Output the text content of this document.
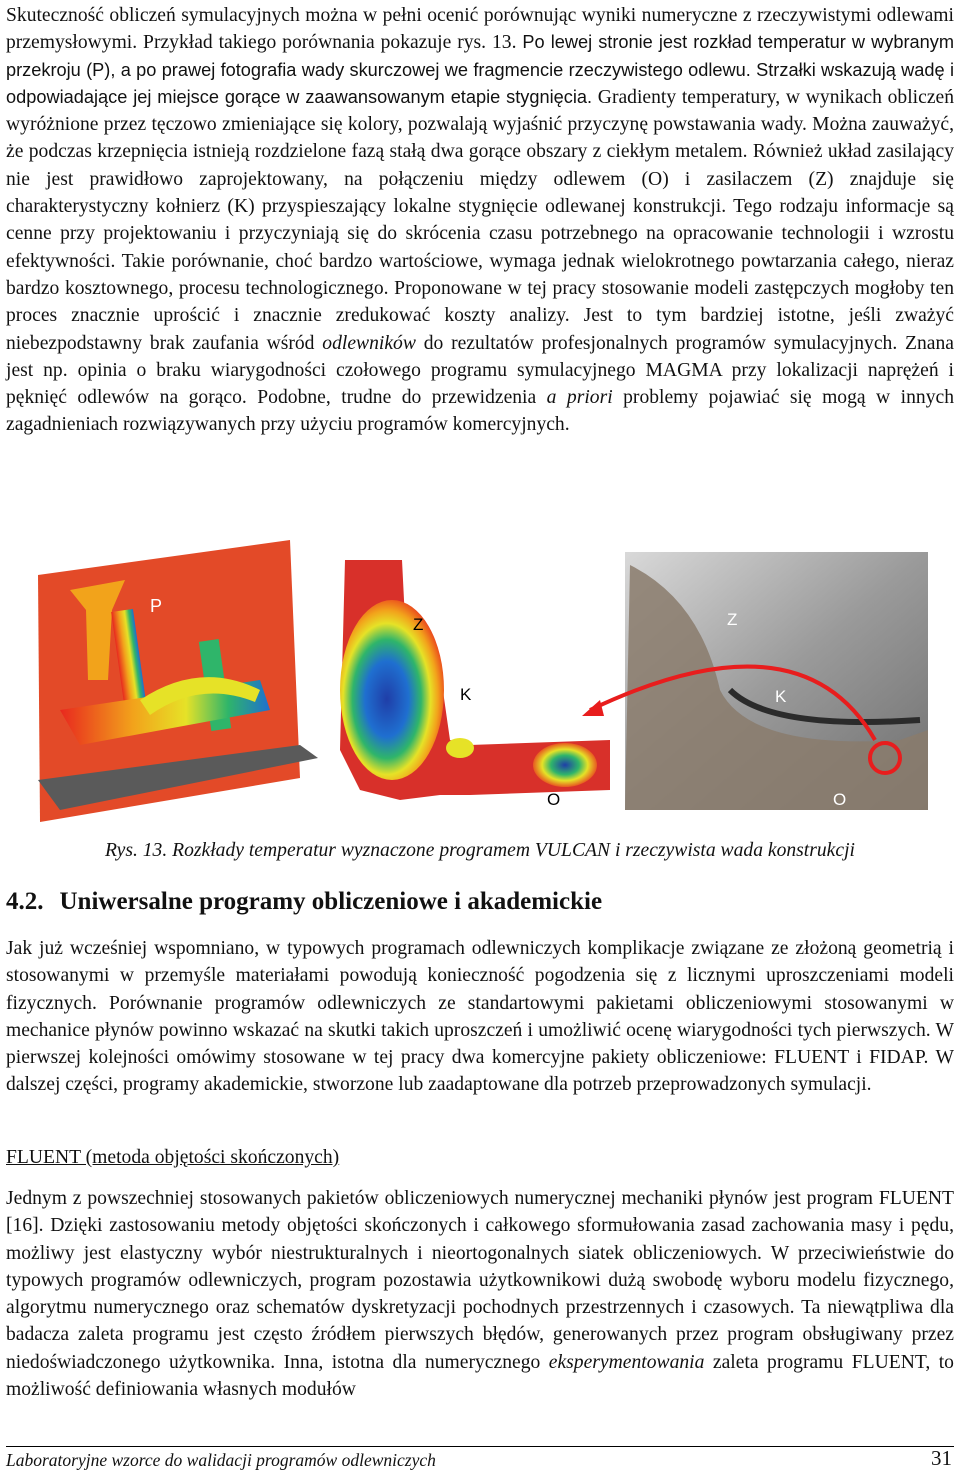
Skuteczność obliczeń symulacyjnych można w pełni ocenić porównując wyniki numeryczne z rzeczywistymi odlewami przemysłowymi. Przykład takiego porównania pokazuje rys. 13. Po lewej stronie jest rozkład temperatur w wybranym przekroju (P), a po prawej fotografia wady skurczowej we fragmencie rzeczywistego odlewu. Strzałki wskazują wadę i odpowiadające jej miejsce gorące w zaawansowanym etapie stygnięcia. Gradienty temperatury, w wynikach obliczeń wyróżnione przez tęczowo zmieniające się kolory, pozwalają wyjaśnić przyczynę powstawania wady. Można zauważyć, że podczas krzepnięcia istnieją rozdzielone fazą stałą dwa gorące obszary z ciekłym metalem. Również układ zasilający nie jest prawidłowo zaprojektowany, na połączeniu między odlewem (O) i zasilaczem (Z) znajduje się charakterystyczny kołnierz (K) przyspieszający lokalne stygnięcie odlewanej konstrukcji. Tego rodzaju informacje są cenne przy projektowaniu i przyczyniają się do skrócenia czasu potrzebnego na opracowanie technologii i wzrostu efektywności. Takie porównanie, choć bardzo wartościowe, wymaga jednak wielokrotnego powtarzania całego, nieraz bardzo kosztownego, procesu technologicznego. Proponowane w tej pracy stosowanie modeli zastępczych mogłoby ten proces znacznie uprościć i znacznie zredukować koszty analizy. Jest to tym bardziej istotne, jeśli zważyć niebezpodstawny brak zaufania wśród odlewników do rezultatów profesjonalnych programów symulacyjnych. Znana jest np. opinia o braku wiarygodności czołowego programu symulacyjnego MAGMA przy lokalizacji naprężeń i pęknięć odlewów na gorąco. Podobne, trudne do przewidzenia a priori problemy pojawiać się mogą w innych zagadnieniach rozwiązywanych przy użyciu programów komercyjnych.

P
Z
K
O
Z
K
O
Rys. 13. Rozkłady temperatur wyznaczone programem VULCAN i rzeczywista wada konstrukcji
4.2. Uniwersalne programy obliczeniowe i akademickie

Jak już wcześniej wspomniano, w typowych programach odlewniczych komplikacje związane ze złożoną geometrią i stosowanymi w przemyśle materiałami powodują konieczność pogodzenia się z licznymi uproszczeniami modeli fizycznych. Porównanie programów odlewniczych ze standartowymi pakietami obliczeniowymi stosowanymi w mechanice płynów powinno wskazać na skutki takich uproszczeń i umożliwić ocenę wiarygodności tych pierwszych. W pierwszej kolejności omówimy stosowane w tej pracy dwa komercyjne pakiety obliczeniowe: FLUENT i FIDAP. W dalszej części, programy akademickie, stworzone lub zaadaptowane dla potrzeb przeprowadzonych symulacji.

FLUENT (metoda objętości skończonych)

Jednym z powszechniej stosowanych pakietów obliczeniowych numerycznej mechaniki płynów jest program FLUENT [16]. Dzięki zastosowaniu metody objętości skończonych i całkowego sformułowania zasad zachowania masy i pędu, możliwy jest elastyczny wybór niestrukturalnych i nieortogonalnych siatek obliczeniowych. W przeciwieństwie do typowych programów odlewniczych, program pozostawia użytkownikowi dużą swobodę wyboru modelu fizycznego, algorytmu numerycznego oraz schematów dyskretyzacji pochodnych przestrzennych i czasowych. Ta niewątpliwa dla badacza zaleta programu jest często źródłem pierwszych błędów, generowanych przez program obsługiwany przez niedoświadczonego użytkownika. Inna, istotna dla numerycznego eksperymentowania zaleta programu FLUENT, to możliwość definiowania własnych modułów

Laboratoryjne wzorce do walidacji programów odlewniczych	31
